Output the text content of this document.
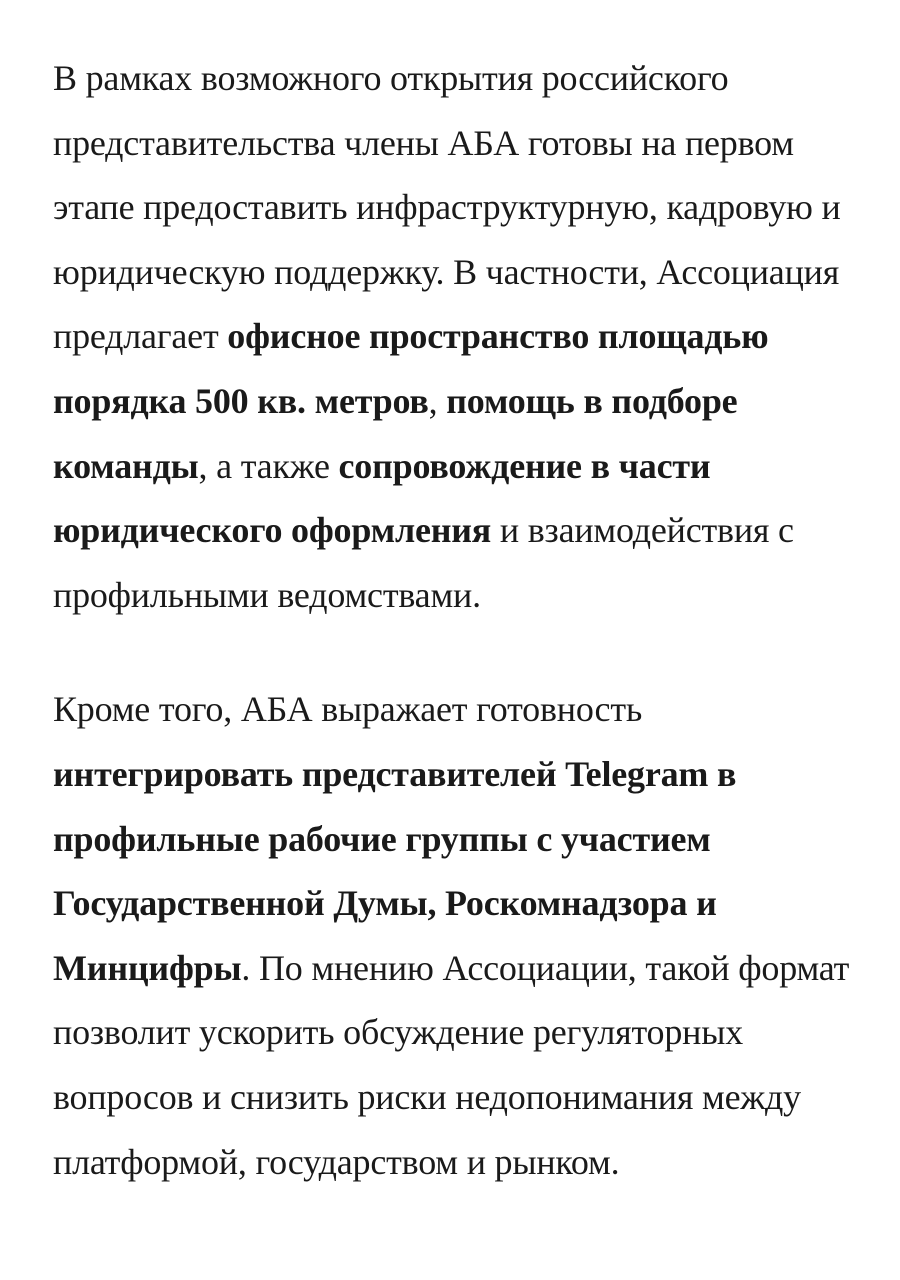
В рамках возможного открытия российского представительства члены АБА готовы на первом этапе предоставить инфраструктурную, кадровую и юридическую поддержку. В частности, Ассоциация предлагает офисное пространство площадью порядка 500 кв. метров, помощь в подборе команды, а также сопровождение в части юридического оформления и взаимодействия с профильными ведомствами.

Кроме того, АБА выражает готовность интегрировать представителей Telegram в профильные рабочие группы с участием Государственной Думы, Роскомнадзора и Минцифры. По мнению Ассоциации, такой формат позволит ускорить обсуждение регуляторных вопросов и снизить риски недопонимания между платформой, государством и рынком.
